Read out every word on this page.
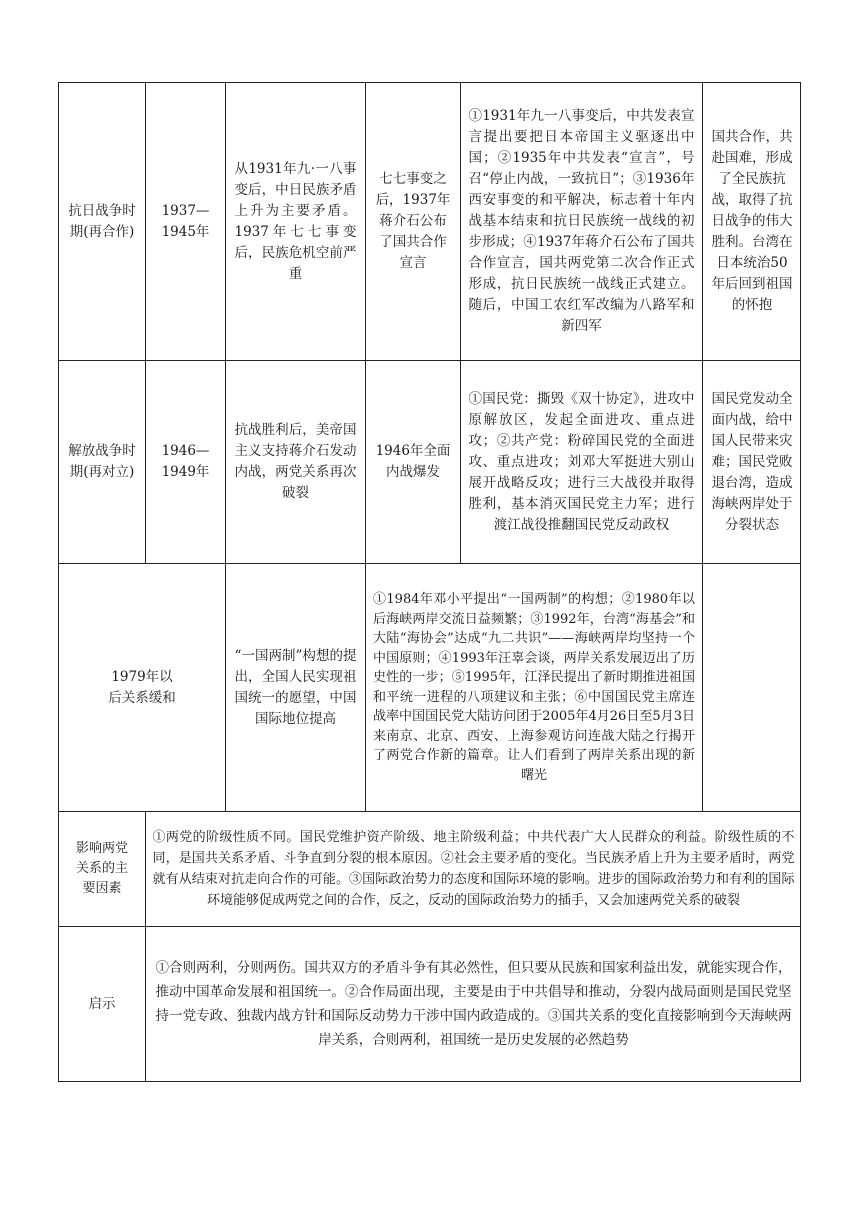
抗日战争时期(再合作)
1937—1945年
从1931年九·一八事变后，中日民族矛盾上升为主要矛盾。1937年七七事变后，民族危机空前严重
七七事变之后，1937年蒋介石公布了国共合作宣言
①1931年九一八事变后，中共发表宣言提出要把日本帝国主义驱逐出中国；②1935年中共发表“宣言”，号召“停止内战，一致抗日”；③1936年西安事变的和平解决，标志着十年内战基本结束和抗日民族统一战线的初步形成；④1937年蒋介石公布了国共合作宣言，国共两党第二次合作正式形成，抗日民族统一战线正式建立。随后，中国工农红军改编为八路军和新四军
国共合作，共赴国难，形成了全民族抗战，取得了抗日战争的伟大胜利。台湾在日本统治50年后回到祖国的怀抱
解放战争时期(再对立)
1946—1949年
抗战胜利后，美帝国主义支持蒋介石发动内战，两党关系再次破裂
1946年全面内战爆发
①国民党：撕毁《双十协定》，进攻中原解放区，发起全面进攻、重点进攻；②共产党：粉碎国民党的全面进攻、重点进攻；刘邓大军挺进大别山展开战略反攻；进行三大战役并取得胜利，基本消灭国民党主力军；进行渡江战役推翻国民党反动政权
国民党发动全面内战，给中国人民带来灾难；国民党败退台湾，造成海峡两岸处于分裂状态
1979年以后关系缓和
“一国两制”构想的提出，全国人民实现祖国统一的愿望，中国国际地位提高
①1984年邓小平提出“一国两制”的构想；②1980年以后海峡两岸交流日益频繁；③1992年，台湾“海基会”和大陆“海协会”达成“九二共识”——海峡两岸均坚持一个中国原则；④1993年汪辜会谈，两岸关系发展迈出了历史性的一步；⑤1995年，江泽民提出了新时期推进祖国和平统一进程的八项建议和主张；⑥中国国民党主席连战率中国国民党大陆访问团于2005年4月26日至5月3日来南京、北京、西安、上海参观访问连战大陆之行揭开了两党合作新的篇章。让人们看到了两岸关系出现的新曙光
影响两党关系的主要因素
①两党的阶级性质不同。国民党维护资产阶级、地主阶级利益；中共代表广大人民群众的利益。阶级性质的不同，是国共关系矛盾、斗争直到分裂的根本原因。②社会主要矛盾的变化。当民族矛盾上升为主要矛盾时，两党就有从结束对抗走向合作的可能。③国际政治势力的态度和国际环境的影响。进步的国际政治势力和有利的国际环境能够促成两党之间的合作，反之，反动的国际政治势力的插手，又会加速两党关系的破裂
启示
①合则两利，分则两伤。国共双方的矛盾斗争有其必然性，但只要从民族和国家利益出发，就能实现合作，推动中国革命发展和祖国统一。②合作局面出现，主要是由于中共倡导和推动，分裂内战局面则是国民党坚持一党专政、独裁内战方针和国际反动势力干涉中国内政造成的。③国共关系的变化直接影响到今天海峡两岸关系，合则两利，祖国统一是历史发展的必然趋势
